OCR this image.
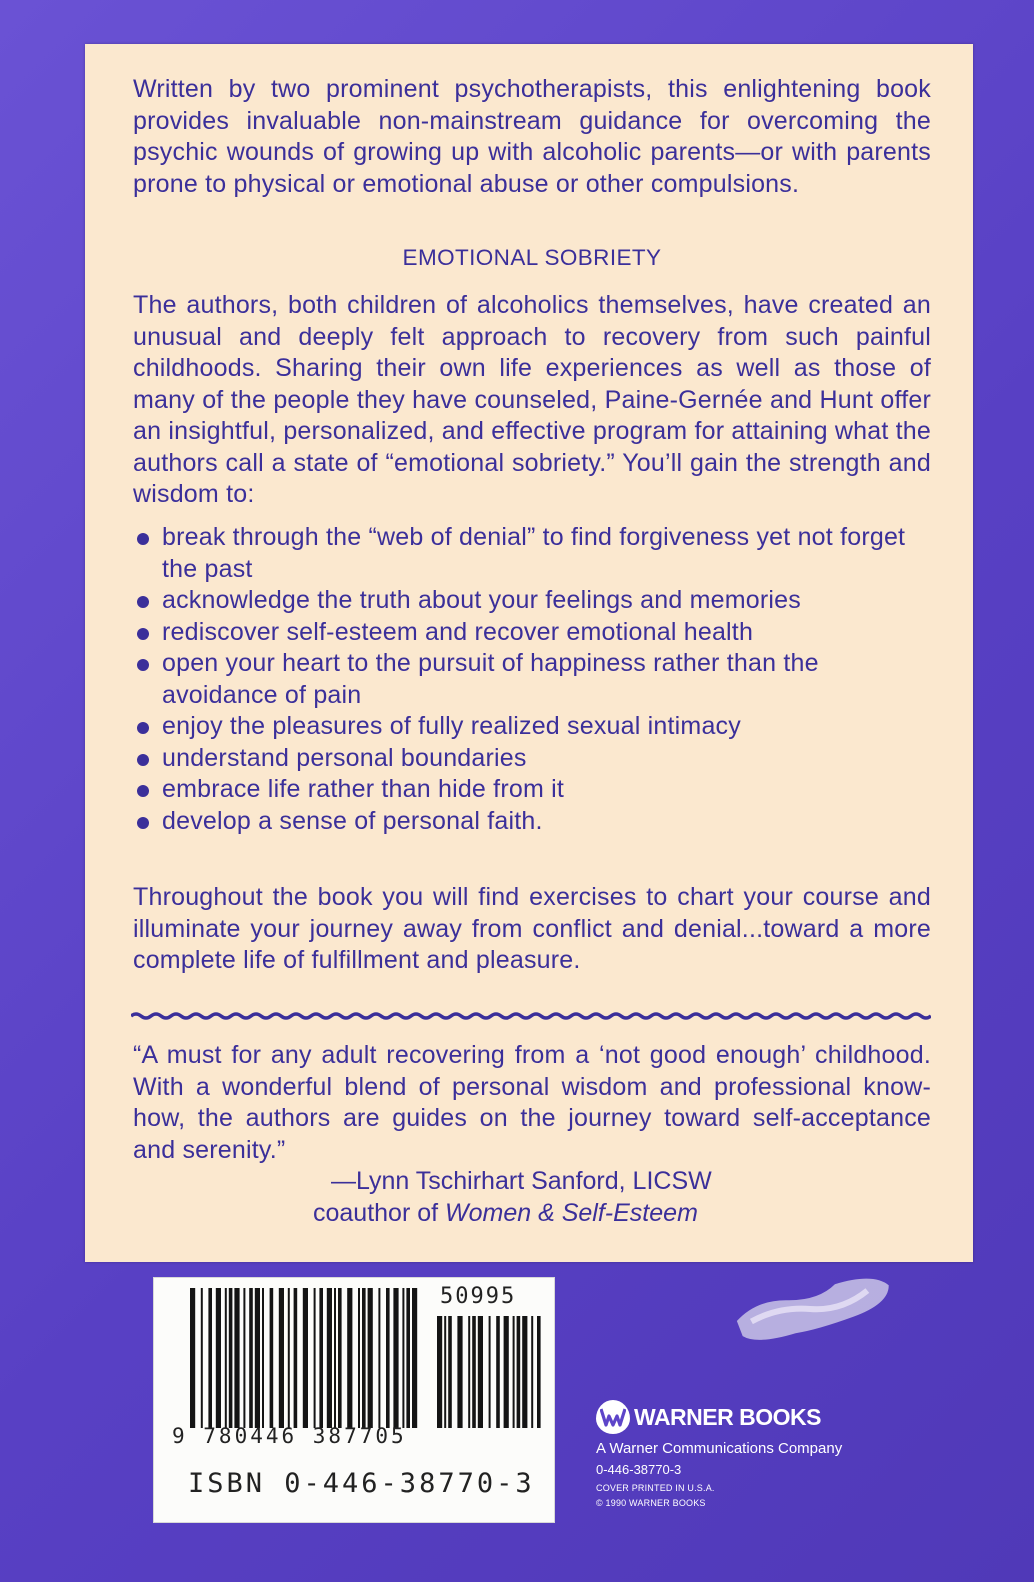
Written by two prominent psychotherapists, this enlightening book provides invaluable non-mainstream guidance for overcoming the psychic wounds of growing up with alcoholic parents—or with parents prone to physical or emotional abuse or other compulsions.
EMOTIONAL SOBRIETY
The authors, both children of alcoholics themselves, have created an unusual and deeply felt approach to recovery from such painful childhoods. Sharing their own life experiences as well as those of many of the people they have counseled, Paine-Gernée and Hunt offer an insightful, personalized, and effective program for attaining what the authors call a state of “emotional sobriety.” You’ll gain the strength and wisdom to:
break through the “web of denial” to find forgiveness yet not forget the past
acknowledge the truth about your feelings and memories
rediscover self-esteem and recover emotional health
open your heart to the pursuit of happiness rather than the avoidance of pain
enjoy the pleasures of fully realized sexual intimacy
understand personal boundaries
embrace life rather than hide from it
develop a sense of personal faith.
Throughout the book you will find exercises to chart your course and illuminate your journey away from conflict and denial...toward a more complete life of fulfillment and pleasure.
“A must for any adult recovering from a ‘not good enough’ childhood. With a wonderful blend of personal wisdom and professional know-how, the authors are guides on the journey toward self-acceptance and serenity.”
—Lynn Tschirhart Sanford, LICSW
coauthor of Women & Self-Esteem
50995
9 780446 387705
ISBN 0-446-38770-3
WARNER BOOKS
A Warner Communications Company
0-446-38770-3
COVER PRINTED IN U.S.A.
© 1990 WARNER BOOKS
